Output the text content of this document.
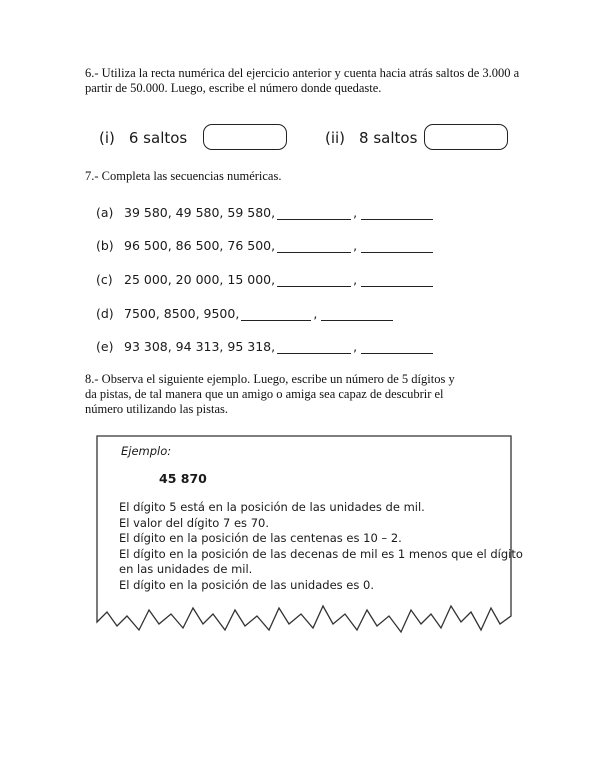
6.- Utiliza la recta numérica del ejercicio anterior y cuenta hacia atrás saltos de 3.000 a partir de 50.000. Luego, escribe el número donde quedaste.
(i) 6 saltos	(ii) 8 saltos
7.- Completa las secuencias numéricas.
(a) 39 580, 49 580, 59 580,	,
(b) 96 500, 86 500, 76 500,	,
(c) 25 000, 20 000, 15 000,	,
(d) 7500, 8500, 9500,	,
(e) 93 308, 94 313, 95 318,	,
8.- Observa el siguiente ejemplo. Luego, escribe un número de 5 dígitos y da pistas, de tal manera que un amigo o amiga sea capaz de descubrir el número utilizando las pistas.
Ejemplo:
45 870
El dígito 5 está en la posición de las unidades de mil.
El valor del dígito 7 es 70.
El dígito en la posición de las centenas es 10 – 2.
El dígito en la posición de las decenas de mil es 1 menos que el dígito
en las unidades de mil.
El dígito en la posición de las unidades es 0.
